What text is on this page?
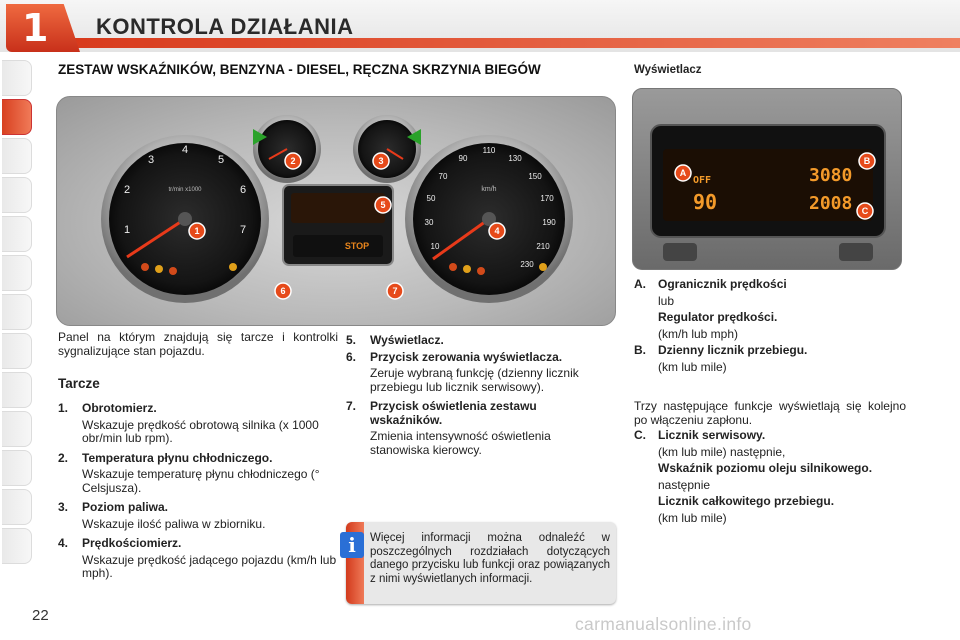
1 KONTROLA DZIAŁANIA
ZESTAW WSKAŹNIKÓW, BENZYNA - DIESEL, RĘCZNA SKRZYNIA BIEGÓW	Wyświetlacz
1
2
3
4
5
6
7
tr/min x1000
10
30
50
70
90
110
130
150
170
190
210
230
km/h
STOP
1
2	3
4
5
6	7
OFF
90
3080
2008
A
B
C
Panel na którym znajdują się tarcze i kontrolki sygnalizujące stan pojazdu.
Tarcze
1.	Obrotomierz.
Wskazuje prędkość obrotową silnika (x 1000 obr/min lub rpm).
2.	Temperatura płynu chłodniczego.
Wskazuje temperaturę płynu chłodniczego (° Celsjusza).
3.	Poziom paliwa.
Wskazuje ilość paliwa w zbiorniku.
4.	Prędkościomierz.
Wskazuje prędkość jadącego pojazdu (km/h lub mph).
5.	Wyświetlacz.
6.	Przycisk zerowania wyświetlacza.
Zeruje wybraną funkcję (dzienny licznik przebiegu lub licznik serwisowy).
7.	Przycisk oświetlenia zestawu wskaźników.
Zmienia intensywność oświetlenia stanowiska kierowcy.
i	Więcej informacji można odnaleźć w poszczególnych rozdziałach dotyczących danego przycisku lub funkcji oraz powiązanych z nimi wyświetlanych informacji.
A.	Ogranicznik prędkości
lub
Regulator prędkości.
(km/h lub mph)
B.	Dzienny licznik przebiegu.
(km lub mile)
Trzy następujące funkcje wyświetlają się kolejno po włączeniu zapłonu.
C.	Licznik serwisowy.
(km lub mile) następnie,
Wskaźnik poziomu oleju silnikowego.
następnie
Licznik całkowitego przebiegu.
(km lub mile)
22	carmanualsonline.info
